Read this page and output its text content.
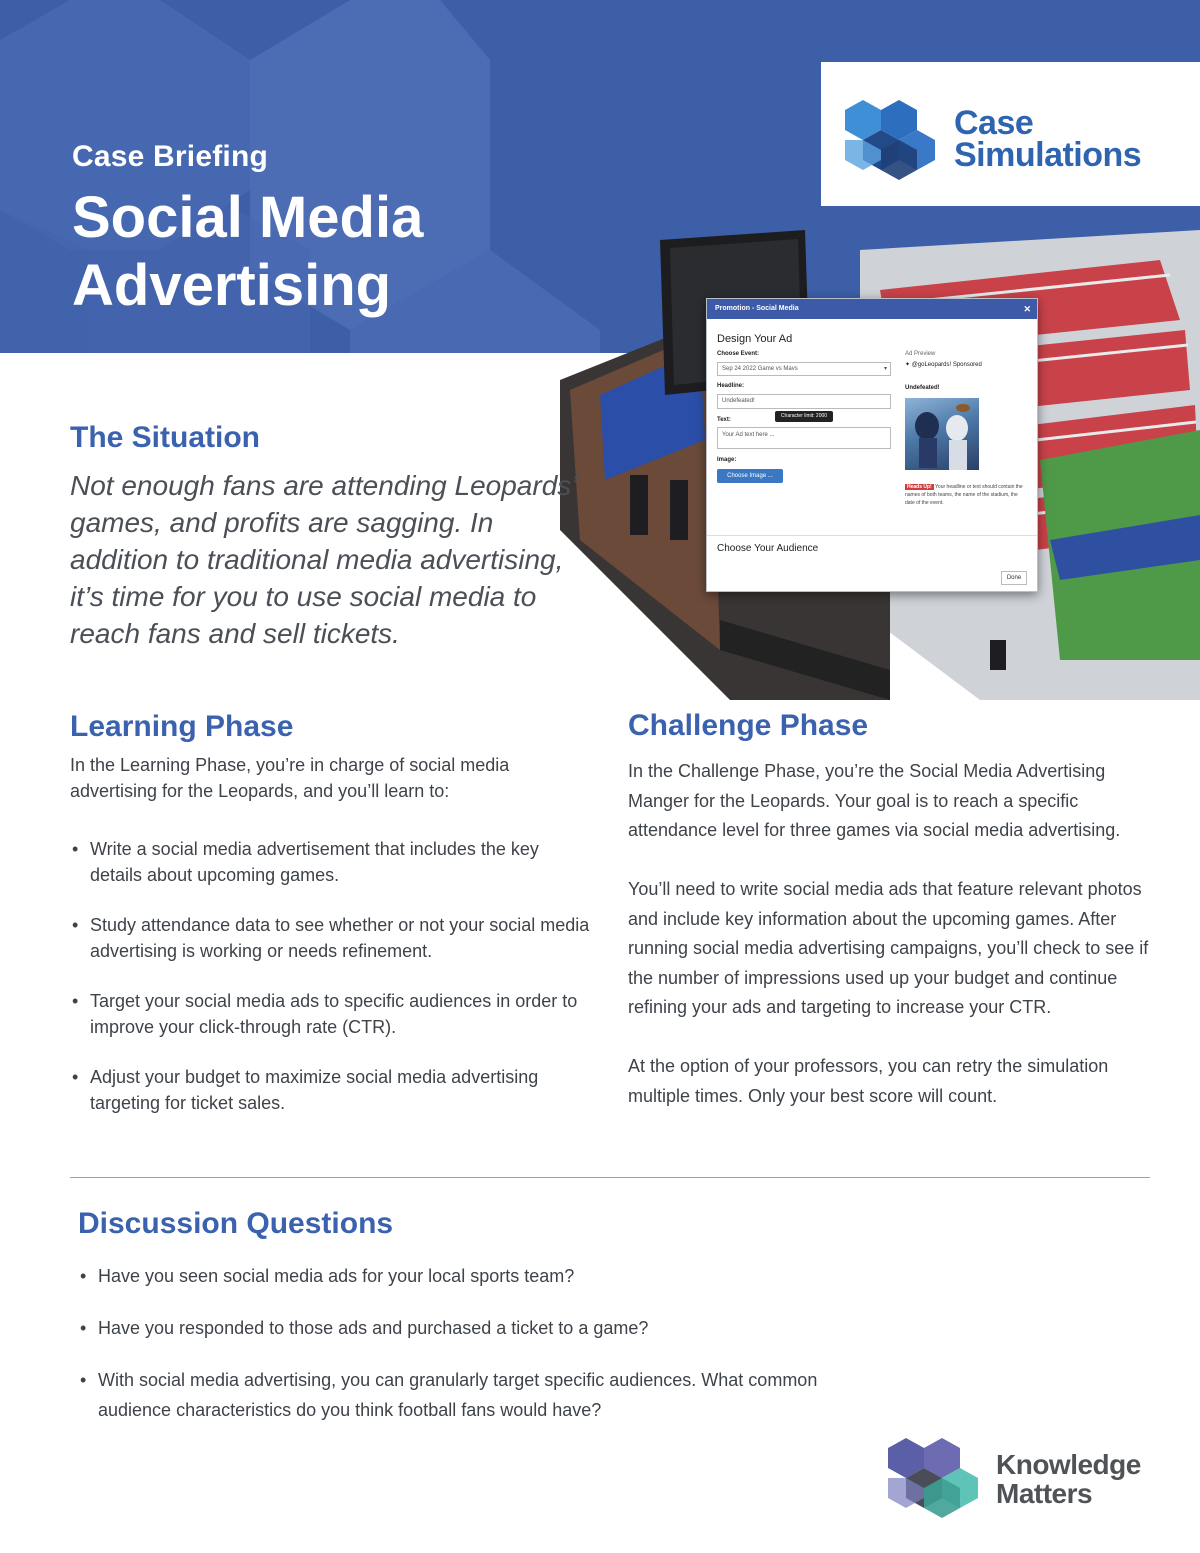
Case Briefing
Social Media
Advertising
Case
Simulations
Promotion - Social Media	✕
Design Your Ad
Choose Event:
Sep 24 2022 Game vs Mavs	▾
Headline:
Undefeated!
Character limit: 2000
Text:
Your Ad text here ...
Image:
Choose Image ...
Ad Preview
✦ @goLeopards! Sponsored
Undefeated!
Heads Up! Your headline or text should contain the names of both teams, the name of the stadium, the date of the event.
Choose Your Audience
Done
The Situation
Not enough fans are attending Leopards’ games, and profits are sagging. In addition to traditional media advertising, it’s time for you to use social media to reach fans and sell tickets.
Learning Phase
In the Learning Phase, you’re in charge of social media advertising for the Leopards, and you’ll learn to:
• Write a social media advertisement that includes the key details about upcoming games.
• Study attendance data to see whether or not your social media advertising is working or needs refinement.
• Target your social media ads to specific audiences in order to improve your click-through rate (CTR).
• Adjust your budget to maximize social media advertising targeting for ticket sales.
Challenge Phase
In the Challenge Phase, you’re the Social Media Advertising Manger for the Leopards. Your goal is to reach a specific attendance level for three games via social media advertising.
You’ll need to write social media ads that feature relevant photos and include key information about the upcoming games. After running social media advertising campaigns, you’ll check to see if the number of impressions used up your budget and continue refining your ads and targeting to increase your CTR.
At the option of your professors, you can retry the simulation multiple times. Only your best score will count.
Discussion Questions
• Have you seen social media ads for your local sports team?
• Have you responded to those ads and purchased a ticket to a game?
• With social media advertising, you can granularly target specific audiences. What common audience characteristics do you think football fans would have?
Knowledge
Matters
